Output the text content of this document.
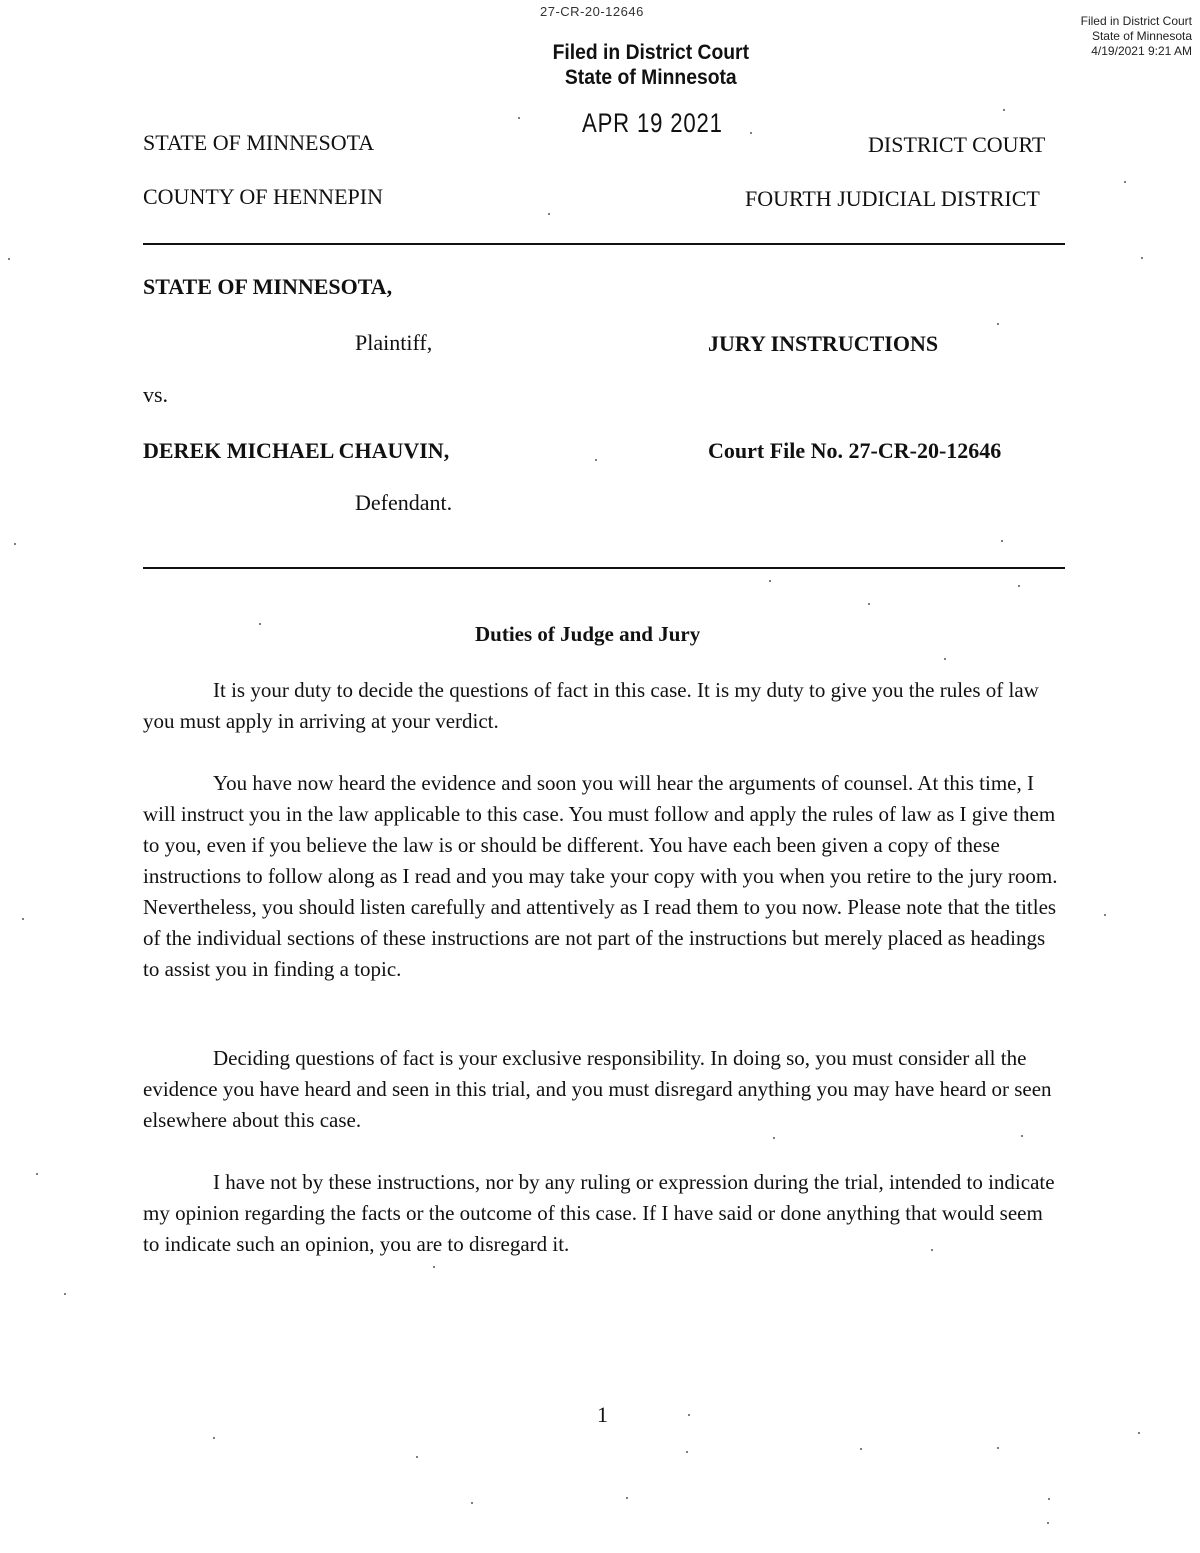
27-CR-20-12646
Filed in District Court
State of Minnesota
4/19/2021 9:21 AM
Filed in District Court
State of Minnesota
APR 19 2021
STATE OF MINNESOTA	DISTRICT COURT
COUNTY OF HENNEPIN	FOURTH JUDICIAL DISTRICT
STATE OF MINNESOTA,
Plaintiff,	JURY INSTRUCTIONS
vs.
DEREK MICHAEL CHAUVIN,	Court File No. 27-CR-20-12646
Defendant.
Duties of Judge and Jury

It is your duty to decide the questions of fact in this case. It is my duty to give you the rules of law you must apply in arriving at your verdict.

You have now heard the evidence and soon you will hear the arguments of counsel. At this time, I will instruct you in the law applicable to this case. You must follow and apply the rules of law as I give them to you, even if you believe the law is or should be different. You have each been given a copy of these instructions to follow along as I read and you may take your copy with you when you retire to the jury room. Nevertheless, you should listen carefully and attentively as I read them to you now. Please note that the titles of the individual sections of these instructions are not part of the instructions but merely placed as headings to assist you in finding a topic.

Deciding questions of fact is your exclusive responsibility. In doing so, you must consider all the evidence you have heard and seen in this trial, and you must disregard anything you may have heard or seen elsewhere about this case.

I have not by these instructions, nor by any ruling or expression during the trial, intended to indicate my opinion regarding the facts or the outcome of this case. If I have said or done anything that would seem to indicate such an opinion, you are to disregard it.

1
